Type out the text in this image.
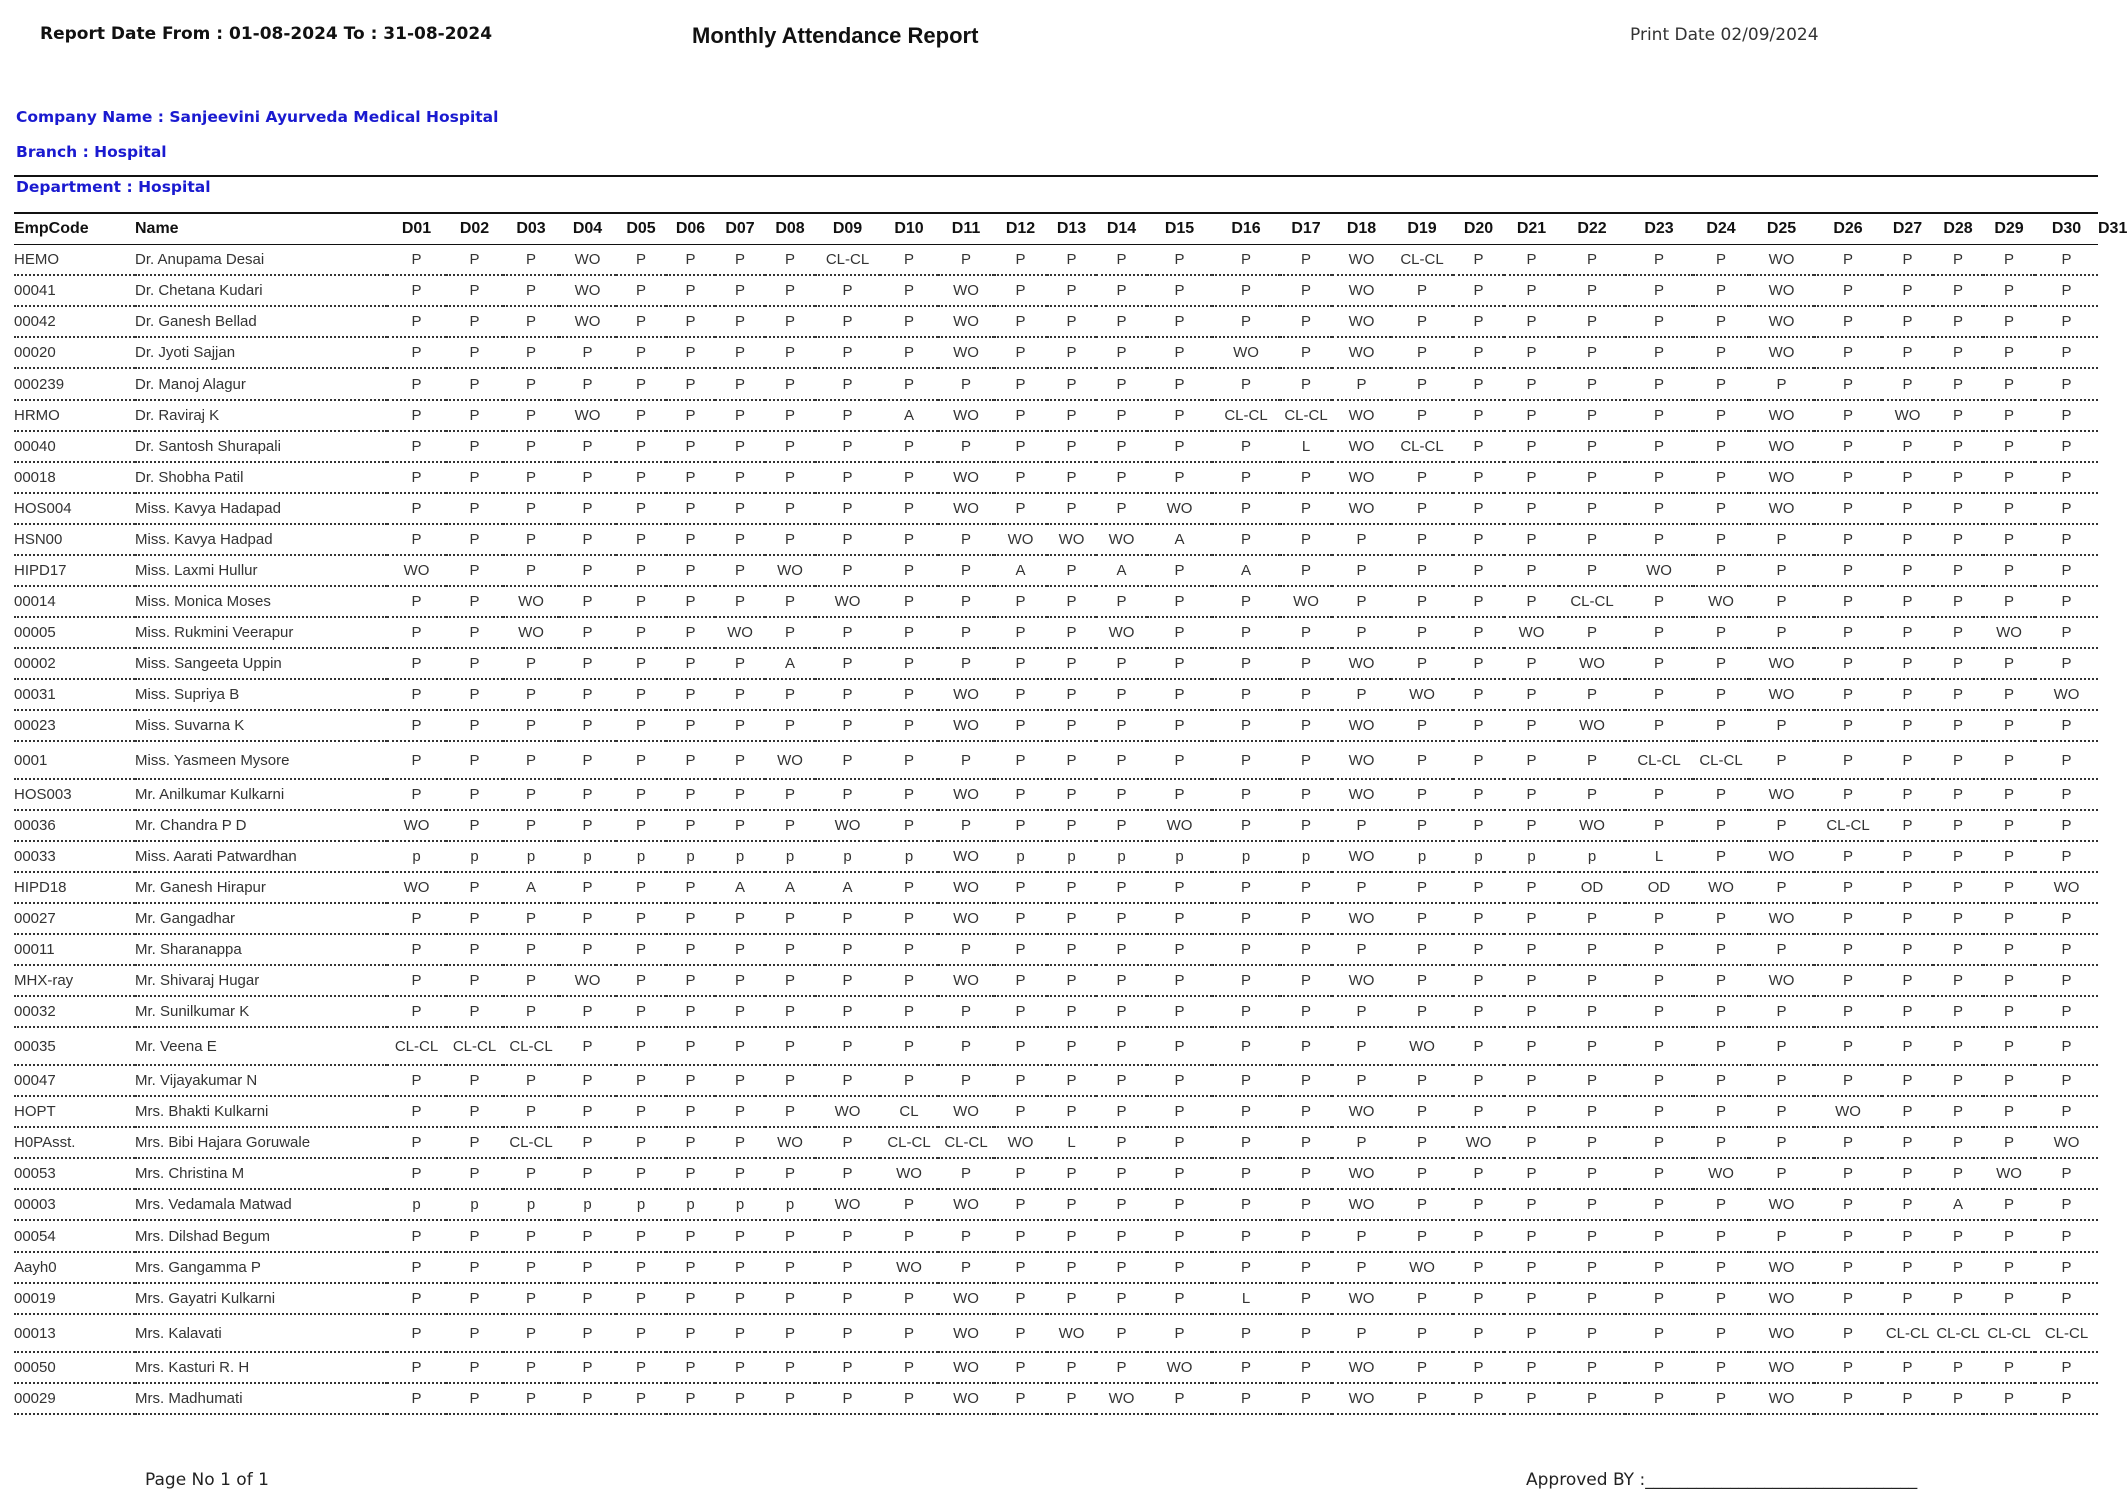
Report Date From : 01-08-2024 To : 31-08-2024	Monthly Attendance Report	Print Date 02/09/2024
Company Name : Sanjeevini Ayurveda Medical Hospital
Branch : Hospital
Department : Hospital
EmpCode	Name	D01	D02	D03	D04	D05	D06	D07	D08	D09	D10	D11	D12	D13	D14	D15	D16	D17	D18	D19	D20	D21	D22	D23	D24	D25	D26	D27	D28	D29	D30	D31
HEMO	Dr. Anupama Desai	P	P	P	WO	P	P	P	P	CL-CL	P	P	P	P	P	P	P	P	WO	CL-CL	P	P	P	P	P	WO	P	P	P	P	P	
00041	Dr. Chetana Kudari	P	P	P	WO	P	P	P	P	P	P	WO	P	P	P	P	P	P	WO	P	P	P	P	P	P	WO	P	P	P	P	P	
00042	Dr. Ganesh Bellad	P	P	P	WO	P	P	P	P	P	P	WO	P	P	P	P	P	P	WO	P	P	P	P	P	P	WO	P	P	P	P	P	
00020	Dr. Jyoti Sajjan	P	P	P	P	P	P	P	P	P	P	WO	P	P	P	P	WO	P	WO	P	P	P	P	P	P	WO	P	P	P	P	P	
000239	Dr. Manoj Alagur	P	P	P	P	P	P	P	P	P	P	P	P	P	P	P	P	P	P	P	P	P	P	P	P	P	P	P	P	P	P	
HRMO	Dr. Raviraj K	P	P	P	WO	P	P	P	P	P	A	WO	P	P	P	P	CL-CL	CL-CL	WO	P	P	P	P	P	P	WO	P	WO	P	P	P	
00040	Dr. Santosh Shurapali	P	P	P	P	P	P	P	P	P	P	P	P	P	P	P	P	L	WO	CL-CL	P	P	P	P	P	WO	P	P	P	P	P	
00018	Dr. Shobha Patil	P	P	P	P	P	P	P	P	P	P	WO	P	P	P	P	P	P	WO	P	P	P	P	P	P	WO	P	P	P	P	P	
HOS004	Miss. Kavya Hadapad	P	P	P	P	P	P	P	P	P	P	WO	P	P	P	WO	P	P	WO	P	P	P	P	P	P	WO	P	P	P	P	P	
HSN00	Miss. Kavya Hadpad	P	P	P	P	P	P	P	P	P	P	P	WO	WO	WO	A	P	P	P	P	P	P	P	P	P	P	P	P	P	P	P	
HIPD17	Miss. Laxmi Hullur	WO	P	P	P	P	P	P	WO	P	P	P	A	P	A	P	A	P	P	P	P	P	P	WO	P	P	P	P	P	P	P	
00014	Miss. Monica Moses	P	P	WO	P	P	P	P	P	WO	P	P	P	P	P	P	P	WO	P	P	P	P	CL-CL	P	WO	P	P	P	P	P	P	
00005	Miss. Rukmini Veerapur	P	P	WO	P	P	P	WO	P	P	P	P	P	P	WO	P	P	P	P	P	P	WO	P	P	P	P	P	P	P	WO	P	
00002	Miss. Sangeeta Uppin	P	P	P	P	P	P	P	A	P	P	P	P	P	P	P	P	P	WO	P	P	P	WO	P	P	WO	P	P	P	P	P	
00031	Miss. Supriya B	P	P	P	P	P	P	P	P	P	P	WO	P	P	P	P	P	P	P	WO	P	P	P	P	P	WO	P	P	P	P	WO	
00023	Miss. Suvarna K	P	P	P	P	P	P	P	P	P	P	WO	P	P	P	P	P	P	WO	P	P	P	WO	P	P	P	P	P	P	P	P	
0001	Miss. Yasmeen Mysore	P	P	P	P	P	P	P	WO	P	P	P	P	P	P	P	P	P	WO	P	P	P	P	CL-CL	CL-CL	P	P	P	P	P	P	
HOS003	Mr. Anilkumar Kulkarni	P	P	P	P	P	P	P	P	P	P	WO	P	P	P	P	P	P	WO	P	P	P	P	P	P	WO	P	P	P	P	P	
00036	Mr. Chandra P D	WO	P	P	P	P	P	P	P	WO	P	P	P	P	P	WO	P	P	P	P	P	P	WO	P	P	P	CL-CL	P	P	P	P	
00033	Miss. Aarati Patwardhan	p	p	p	p	p	p	p	p	p	p	WO	p	p	p	p	p	p	WO	p	p	p	p	L	P	WO	P	P	P	P	P	
HIPD18	Mr. Ganesh Hirapur	WO	P	A	P	P	P	A	A	A	P	WO	P	P	P	P	P	P	P	P	P	P	OD	OD	WO	P	P	P	P	P	WO	
00027	Mr. Gangadhar	P	P	P	P	P	P	P	P	P	P	WO	P	P	P	P	P	P	WO	P	P	P	P	P	P	WO	P	P	P	P	P	
00011	Mr. Sharanappa	P	P	P	P	P	P	P	P	P	P	P	P	P	P	P	P	P	P	P	P	P	P	P	P	P	P	P	P	P	P	
MHX-ray	Mr. Shivaraj Hugar	P	P	P	WO	P	P	P	P	P	P	WO	P	P	P	P	P	P	WO	P	P	P	P	P	P	WO	P	P	P	P	P	
00032	Mr. Sunilkumar K	P	P	P	P	P	P	P	P	P	P	P	P	P	P	P	P	P	P	P	P	P	P	P	P	P	P	P	P	P	P	
00035	Mr. Veena E	CL-CL	CL-CL	CL-CL	P	P	P	P	P	P	P	P	P	P	P	P	P	P	P	WO	P	P	P	P	P	P	P	P	P	P	P	
00047	Mr. Vijayakumar N	P	P	P	P	P	P	P	P	P	P	P	P	P	P	P	P	P	P	P	P	P	P	P	P	P	P	P	P	P	P	
HOPT	Mrs. Bhakti Kulkarni	P	P	P	P	P	P	P	P	WO	CL	WO	P	P	P	P	P	P	WO	P	P	P	P	P	P	P	WO	P	P	P	P	
H0PAsst.	Mrs. Bibi Hajara Goruwale	P	P	CL-CL	P	P	P	P	WO	P	CL-CL	CL-CL	WO	L	P	P	P	P	P	P	WO	P	P	P	P	P	P	P	P	P	WO	
00053	Mrs. Christina M	P	P	P	P	P	P	P	P	P	WO	P	P	P	P	P	P	P	WO	P	P	P	P	P	WO	P	P	P	P	WO	P	
00003	Mrs. Vedamala Matwad	p	p	p	p	p	p	p	p	WO	P	WO	P	P	P	P	P	P	WO	P	P	P	P	P	P	WO	P	P	A	P	P	
00054	Mrs. Dilshad Begum	P	P	P	P	P	P	P	P	P	P	P	P	P	P	P	P	P	P	P	P	P	P	P	P	P	P	P	P	P	P	
Aayh0	Mrs. Gangamma P	P	P	P	P	P	P	P	P	P	WO	P	P	P	P	P	P	P	P	WO	P	P	P	P	P	WO	P	P	P	P	P	
00019	Mrs. Gayatri Kulkarni	P	P	P	P	P	P	P	P	P	P	WO	P	P	P	P	L	P	WO	P	P	P	P	P	P	WO	P	P	P	P	P	
00013	Mrs. Kalavati	P	P	P	P	P	P	P	P	P	P	WO	P	WO	P	P	P	P	P	P	P	P	P	P	P	WO	P	CL-CL	CL-CL	CL-CL	CL-CL	
00050	Mrs. Kasturi R. H	P	P	P	P	P	P	P	P	P	P	WO	P	P	P	WO	P	P	WO	P	P	P	P	P	P	WO	P	P	P	P	P	
00029	Mrs. Madhumati	P	P	P	P	P	P	P	P	P	P	WO	P	P	WO	P	P	P	WO	P	P	P	P	P	P	WO	P	P	P	P	P	
Page No 1 of 1	Approved BY :________________________________
